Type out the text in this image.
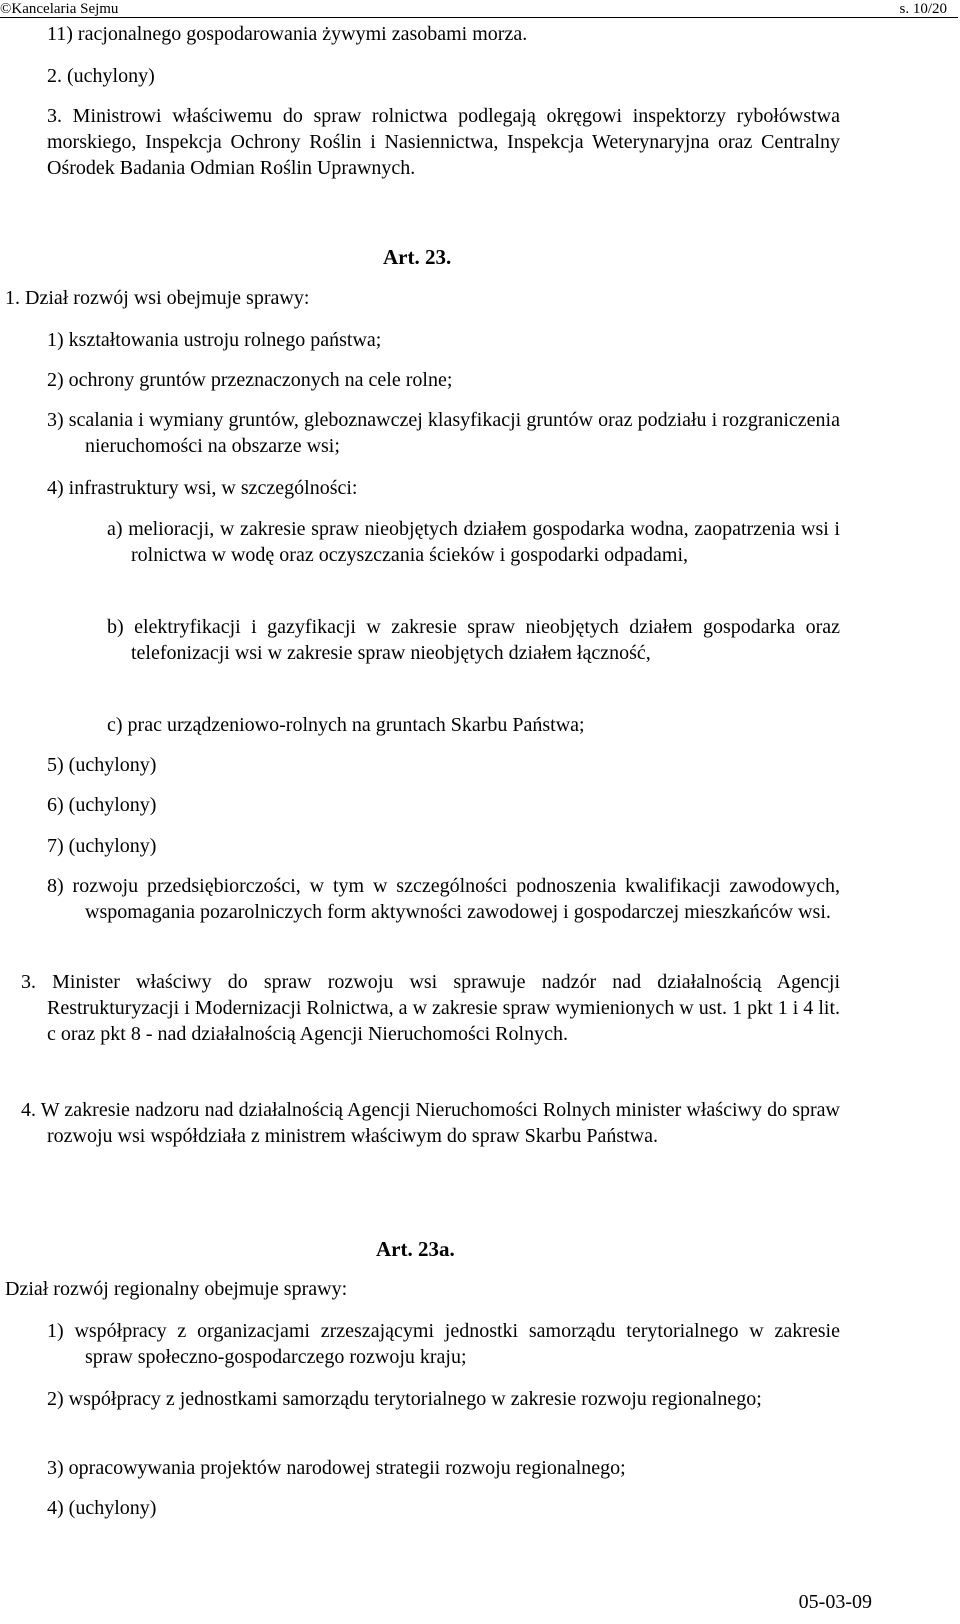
©Kancelaria Sejmu	s. 10/20
11) racjonalnego gospodarowania żywymi zasobami morza.
2. (uchylony)
3. Ministrowi właściwemu do spraw rolnictwa podlegają okręgowi inspektorzy rybołówstwa morskiego, Inspekcja Ochrony Roślin i Nasiennictwa, Inspekcja Weterynaryjna oraz Centralny Ośrodek Badania Odmian Roślin Uprawnych.
Art. 23.
1. Dział rozwój wsi obejmuje sprawy:
1) kształtowania ustroju rolnego państwa;
2) ochrony gruntów przeznaczonych na cele rolne;
3) scalania i wymiany gruntów, gleboznawczej klasyfikacji gruntów oraz podziału i rozgraniczenia nieruchomości na obszarze wsi;
4) infrastruktury wsi, w szczególności:
a) melioracji, w zakresie spraw nieobjętych działem gospodarka wodna, zaopatrzenia wsi i rolnictwa w wodę oraz oczyszczania ścieków i gospodarki odpadami,
b) elektryfikacji i gazyfikacji w zakresie spraw nieobjętych działem gospodarka oraz telefonizacji wsi w zakresie spraw nieobjętych działem łączność,
c) prac urządzeniowo-rolnych na gruntach Skarbu Państwa;
5) (uchylony)
6) (uchylony)
7) (uchylony)
8) rozwoju przedsiębiorczości, w tym w szczególności podnoszenia kwalifikacji zawodowych, wspomagania pozarolniczych form aktywności zawodowej i gospodarczej mieszkańców wsi.
3. Minister właściwy do spraw rozwoju wsi sprawuje nadzór nad działalnością Agencji Restrukturyzacji i Modernizacji Rolnictwa, a w zakresie spraw wymienionych w ust. 1 pkt 1 i 4 lit. c oraz pkt 8 - nad działalnością Agencji Nieruchomości Rolnych.
4. W zakresie nadzoru nad działalnością Agencji Nieruchomości Rolnych minister właściwy do spraw rozwoju wsi współdziała z ministrem właściwym do spraw Skarbu Państwa.
Art. 23a.
Dział rozwój regionalny obejmuje sprawy:
1) współpracy z organizacjami zrzeszającymi jednostki samorządu terytorialnego w zakresie spraw społeczno-gospodarczego rozwoju kraju;
2) współpracy z jednostkami samorządu terytorialnego w zakresie rozwoju regionalnego;
3) opracowywania projektów narodowej strategii rozwoju regionalnego;
4) (uchylony)
05-03-09
